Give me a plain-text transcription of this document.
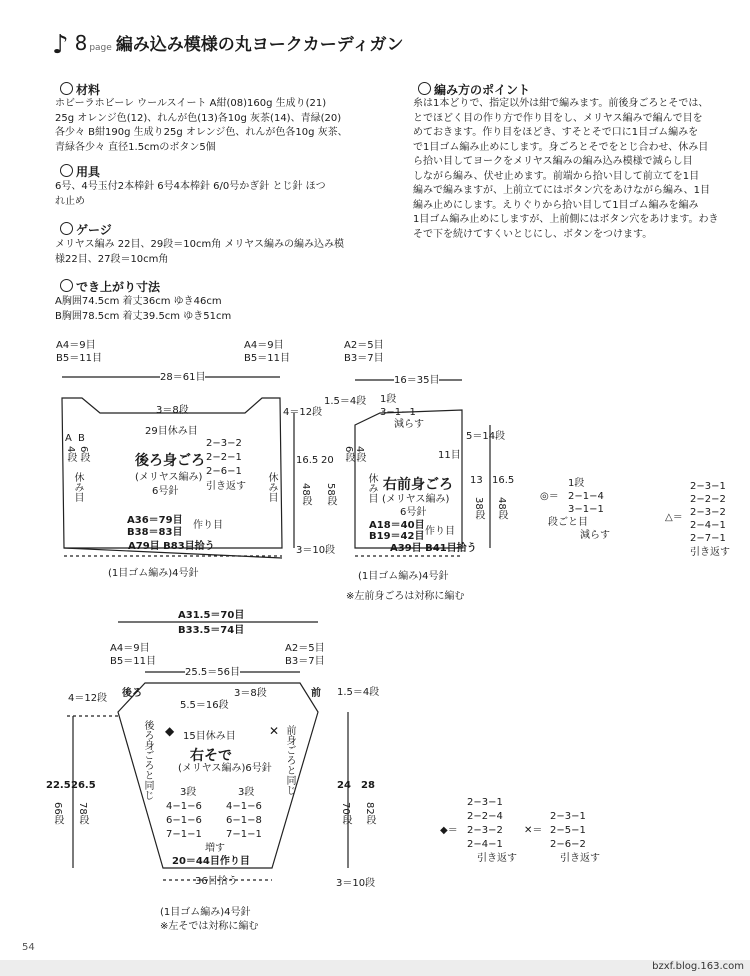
♪ 8 page 編み込み模様の丸ヨークカーディガン
材料
ホビーラホビーレ ウールスイート A紺(08)160g 生成り(21)
25g オレンジ色(12)、れんが色(13)各10g 灰茶(14)、青緑(20)
各少々 B紺190g 生成り25g オレンジ色、れんが色各10g 灰茶、
青緑各少々 直径1.5cmのボタン5個
用具
6号、4号玉付2本棒針 6号4本棒針 6/0号かぎ針 とじ針 ほつ
れ止め
ゲージ
メリヤス編み 22目、29段＝10cm角 メリヤス編みの編み込み模
様22目、27段＝10cm角
でき上がり寸法
A胸囲74.5cm 着丈36cm ゆき46cm
B胸囲78.5cm 着丈39.5cm ゆき51cm
編み方のポイント
糸は1本どりで、指定以外は紺で編みます。前後身ごろとそでは、
とでほどく目の作り方で作り目をし、メリヤス編みで編んで目を
めておきます。作り目をほどき、すそとそで口に1目ゴム編みを
で1目ゴム編み止めにします。身ごろとそでをとじ合わせ、休み目
ら拾い目してヨークをメリヤス編みの編み込み模様で減らし目
しながら編み、伏せ止めます。前端から拾い目して前立てを1目
編みで編みますが、上前立てにはボタン穴をあけながら編み、1目
編み止めにします。えりぐりから拾い目して1目ゴム編みを編み
1目ゴム編み止めにしますが、上前側にはボタン穴をあけます。わき
そで下を続けてすくいとじにし、ボタンをつけます。
A4＝9目
B5＝11目
A4＝9目
B5＝11目
28＝61目
3＝8段
29目休み目
4＝12段
A B
4段 6段
休み目	休み目
後ろ身ごろ
(メリヤス編み)
6号針
2−3−2
2−2−1
2−6−1
引き返す
A36＝79目
B38＝83目
作り目
A79目 B83目拾う
(1目ゴム編み)4号針
3＝10段
16.5 20
48段 58段
A2＝5目
B3＝7目
16＝35目
1.5＝4段 1段
3−1−1
減らす
5＝14段
右前身ごろ
(メリヤス編み)
6号針
11目
A18＝40目
B19＝42目 作り目
A39目 B41目拾う
(1目ゴム編み)4号針
※左前身ごろは対称に編む
13 16.5
38段 48段
休み目
4段
6段
1段
◎＝ 2−1−4
3−1−1
段ごと目
減らす
△＝
2−3−1
2−2−2
2−3−2
2−4−1
2−7−1
引き返す
A31.5＝70目
B33.5＝74目
A4＝9目
B5＝11目
A2＝5目
B3＝7目
25.5＝56目
4＝12段 後ろ	前 1.5＝4段
5.5＝16段
3＝8段
15目休み目
◆	✕
右そで
(メリヤス編み)6号針
後ろ身ごろと同じ	前身ごろと同じ
3段	3段
4−1−6
6−1−6
7−1−1
4−1−6
6−1−8
7−1−1
増す
20＝44目作り目
36目拾う
(1目ゴム編み)4号針
※左そでは対称に編む
3＝10段
22.5 26.5
66段 78段
24 28
70段 82段
◆＝
2−3−1
2−2−4
2−3−2
2−4−1
引き返す
✕＝
2−3−1
2−5−1
2−6−2
引き返す
54
bzxf.blog.163.com
